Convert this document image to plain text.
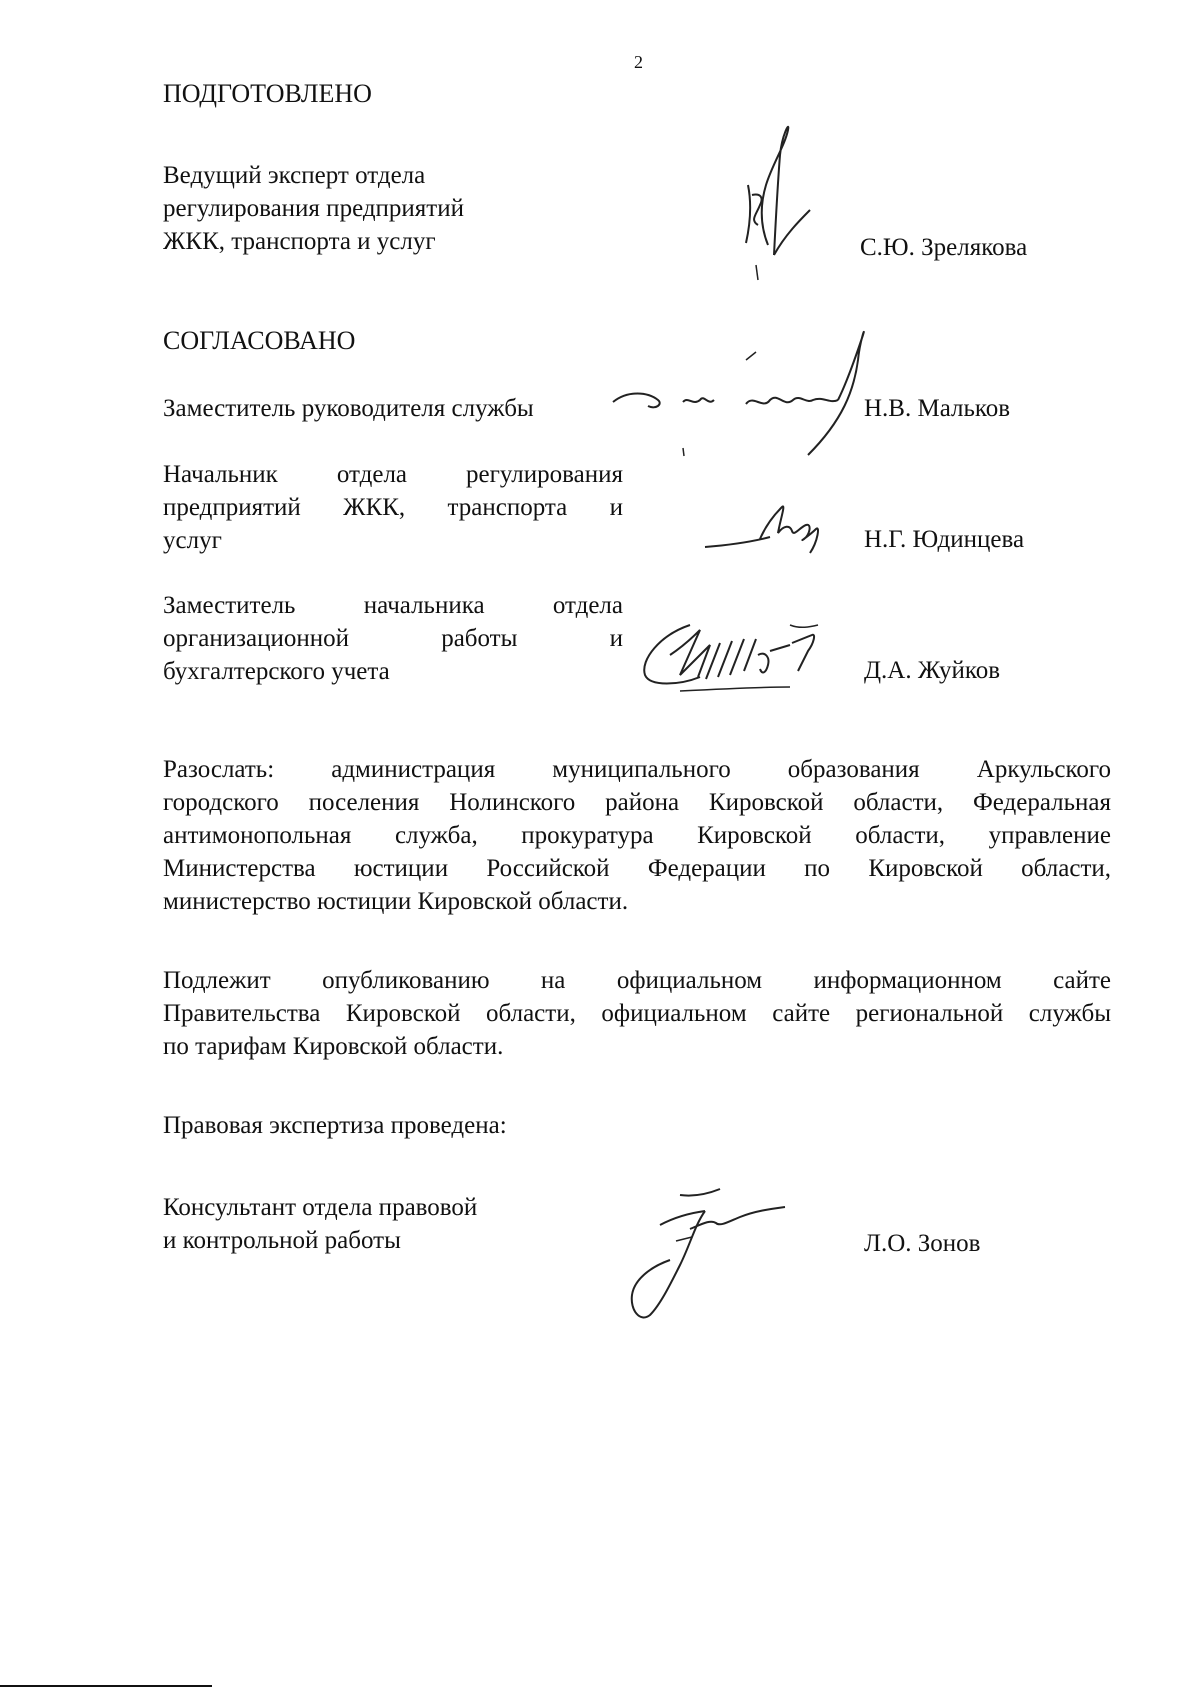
2
ПОДГОТОВЛЕНО
Ведущий эксперт отдела
регулирования предприятий
ЖКК, транспорта и услуг	С.Ю. Зрелякова
СОГЛАСОВАНО
Заместитель руководителя службы	Н.В. Мальков
Начальник отдела регулирования
предприятий ЖКК, транспорта и
услуг	Н.Г. Юдинцева
Заместитель начальника отдела
организационной работы и
бухгалтерского учета	Д.А. Жуйков
Разослать: администрация муниципального образования Аркульского
городского поселения Нолинского района Кировской области, Федеральная
антимонопольная служба, прокуратура Кировской области, управление
Министерства юстиции Российской Федерации по Кировской области,
министерство юстиции Кировской области.
Подлежит опубликованию на официальном информационном сайте
Правительства Кировской области, официальном сайте региональной службы
по тарифам Кировской области.
Правовая экспертиза проведена:
Консультант отдела правовой
и контрольной работы	Л.О. Зонов
